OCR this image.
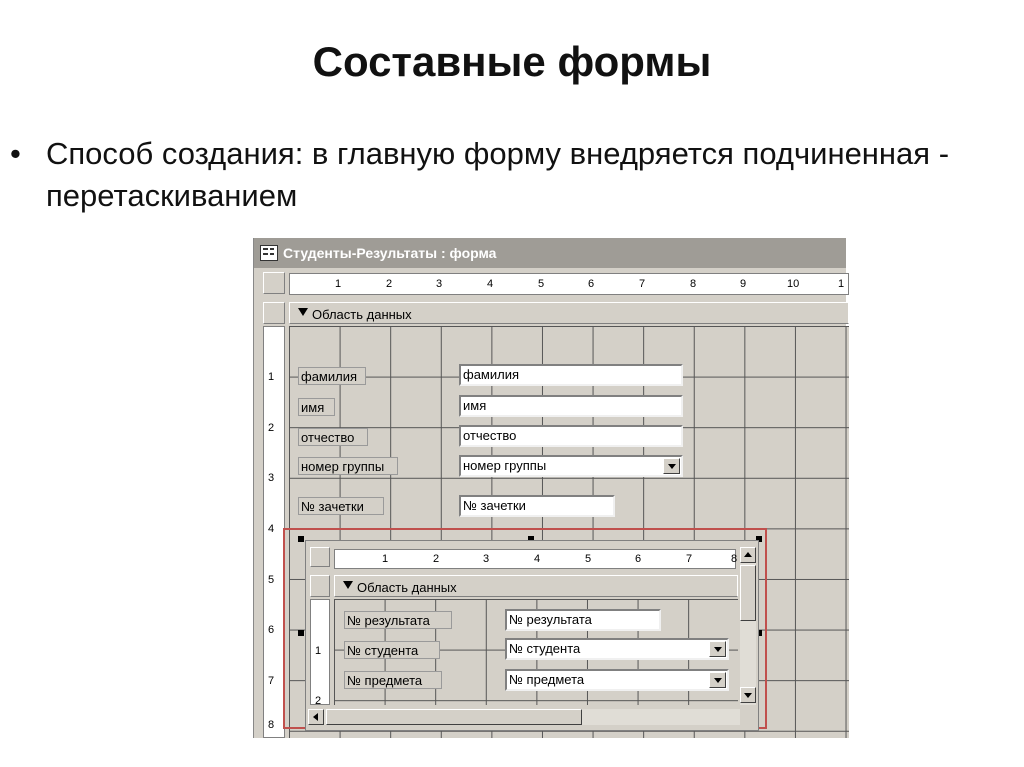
Составные формы
• Способ создания: в главную форму внедряется подчиненная - перетаскиванием
Студенты-Результаты : форма
1	2	3	4	5	6	7	8	9	10	1
Область данных
1
2
3
4
5
6
7
8
фамилия	фамилия
имя	имя
отчество	отчество
номер группы	номер группы
№ зачетки	№ зачетки
1	2	3	4	5	6	7	8
Область данных
1
2
№ результата	№ результата
№ студента	№ студента
№ предмета	№ предмета
